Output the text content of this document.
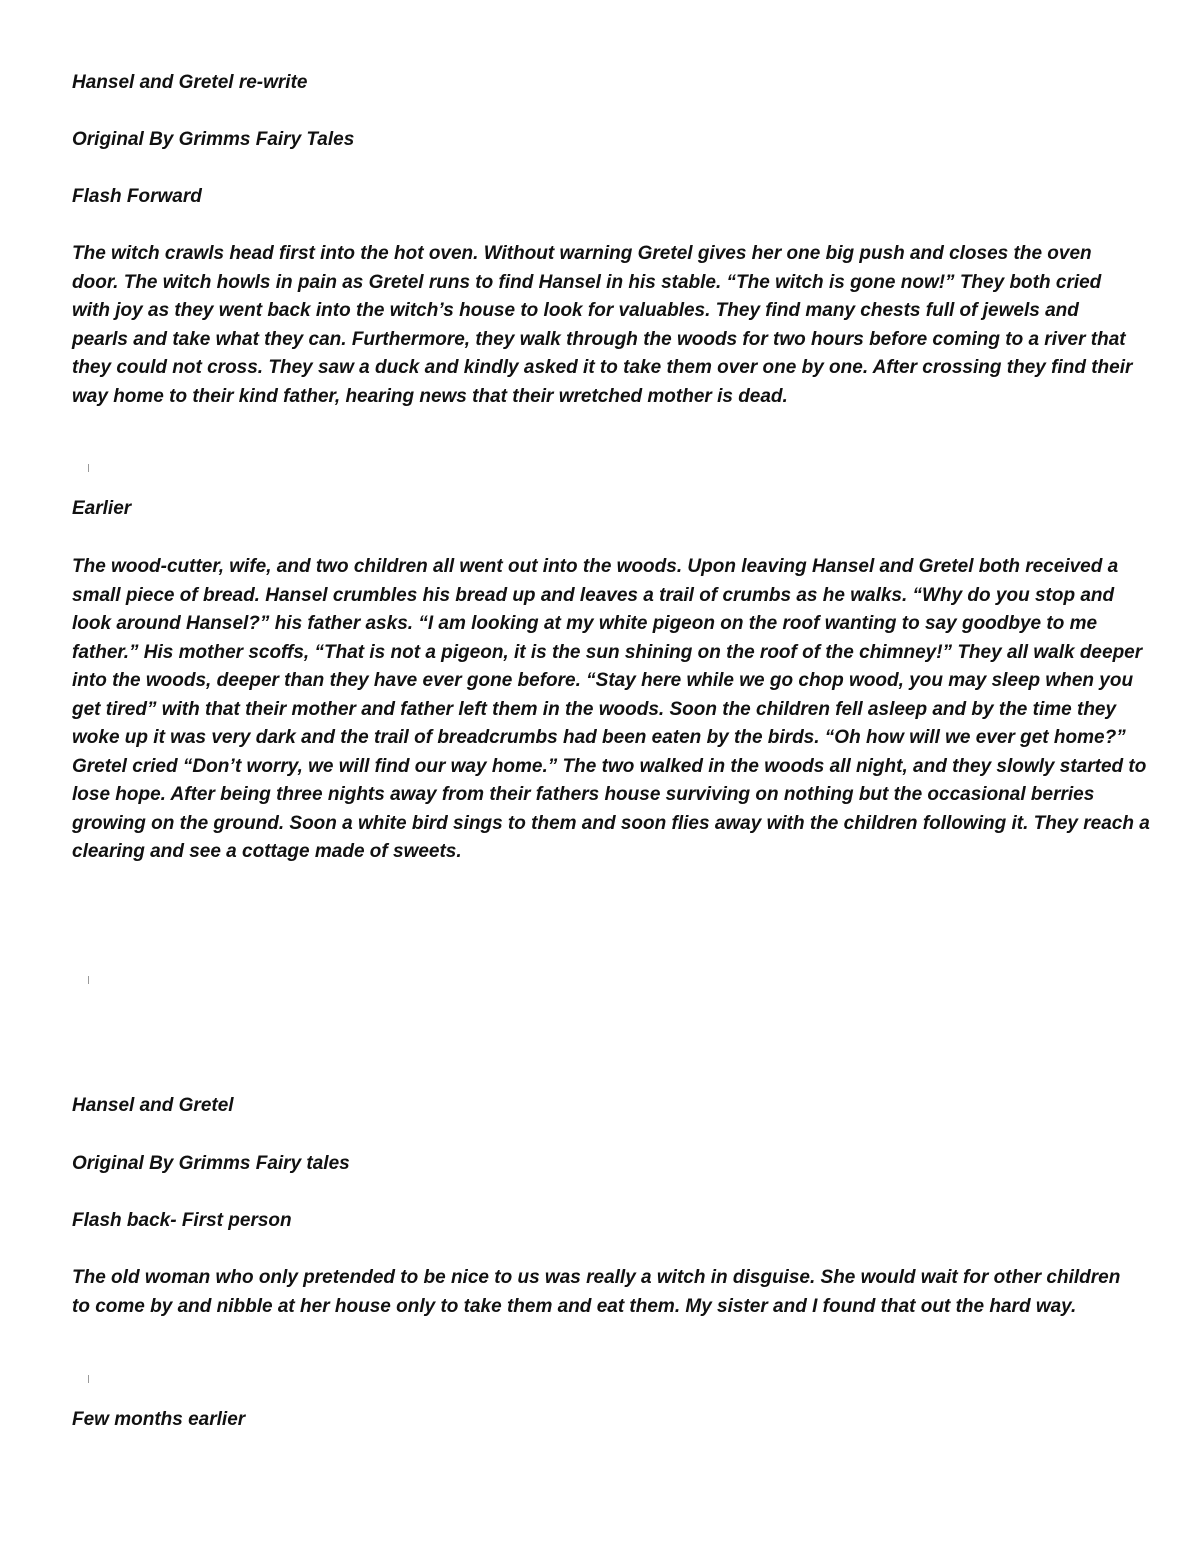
Hansel and Gretel re-write

Original By Grimms Fairy Tales

Flash Forward

The witch crawls head first into the hot oven. Without warning Gretel gives her one big push and closes the oven door. The witch howls in pain as Gretel runs to find Hansel in his stable. “The witch is gone now!” They both cried with joy as they went back into the witch’s house to look for valuables. They find many chests full of jewels and pearls and take what they can. Furthermore, they walk through the woods for two hours before coming to a river that they could not cross. They saw a duck and kindly asked it to take them over one by one. After crossing they find their way home to their kind father, hearing news that their wretched mother is dead.

Earlier

The wood-cutter, wife, and two children all went out into the woods. Upon leaving Hansel and Gretel both received a small piece of bread. Hansel crumbles his bread up and leaves a trail of crumbs as he walks. “Why do you stop and look around Hansel?” his father asks. “I am looking at my white pigeon on the roof wanting to say goodbye to me father.” His mother scoffs, “That is not a pigeon, it is the sun shining on the roof of the chimney!” They all walk deeper into the woods, deeper than they have ever gone before. “Stay here while we go chop wood, you may sleep when you get tired” with that their mother and father left them in the woods. Soon the children fell asleep and by the time they woke up it was very dark and the trail of breadcrumbs had been eaten by the birds. “Oh how will we ever get home?” Gretel cried “Don’t worry, we will find our way home.” The two walked in the woods all night, and they slowly started to lose hope. After being three nights away from their fathers house surviving on nothing but the occasional berries growing on the ground. Soon a white bird sings to them and soon flies away with the children following it. They reach a clearing and see a cottage made of sweets.

Hansel and Gretel

Original By Grimms Fairy tales

Flash back- First person

The old woman who only pretended to be nice to us was really a witch in disguise. She would wait for other children to come by and nibble at her house only to take them and eat them. My sister and I found that out the hard way.

Few months earlier
